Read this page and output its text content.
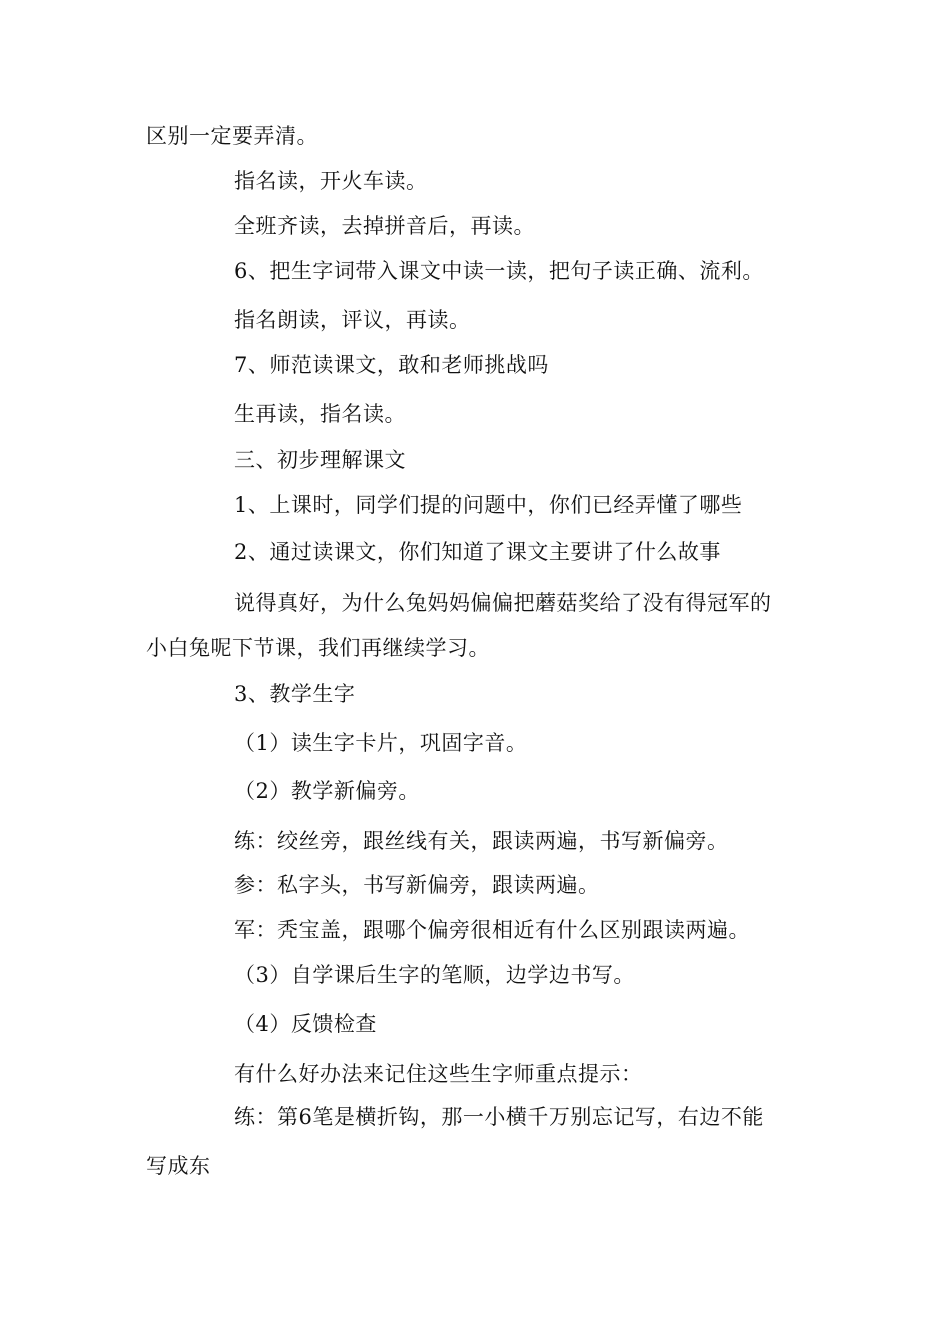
区别一定要弄清。
指名读，开火车读。
全班齐读，去掉拼音后，再读。
6、把生字词带入课文中读一读，把句子读正确、流利。
指名朗读，评议，再读。
7、师范读课文，敢和老师挑战吗
生再读，指名读。
三、初步理解课文
1、上课时，同学们提的问题中，你们已经弄懂了哪些
2、通过读课文，你们知道了课文主要讲了什么故事
说得真好，为什么兔妈妈偏偏把蘑菇奖给了没有得冠军的
小白兔呢下节课，我们再继续学习。
3、教学生字
（1）读生字卡片，巩固字音。
（2）教学新偏旁。
练：绞丝旁，跟丝线有关，跟读两遍，书写新偏旁。
参：私字头，书写新偏旁，跟读两遍。
军：秃宝盖，跟哪个偏旁很相近有什么区别跟读两遍。
（3）自学课后生字的笔顺，边学边书写。
（4）反馈检查
有什么好办法来记住这些生字师重点提示：
练：第6笔是横折钩，那一小横千万别忘记写，右边不能
写成东
